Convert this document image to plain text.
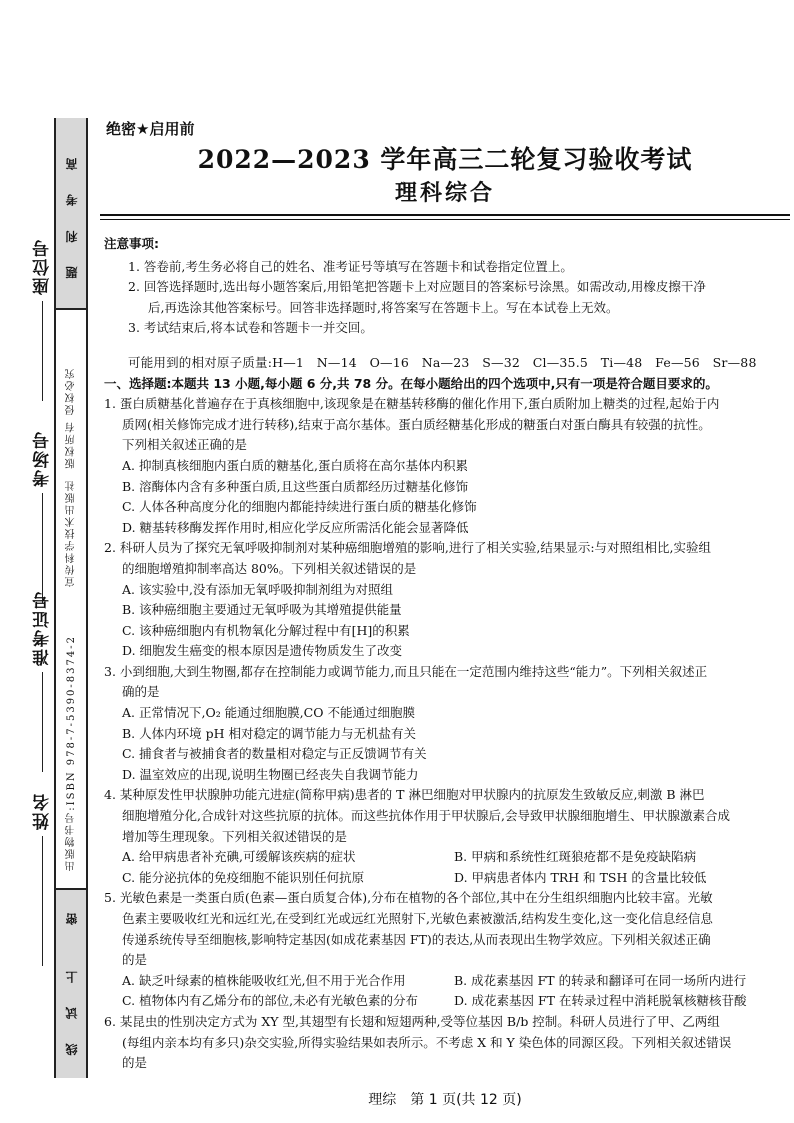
题 利 考 高
版权所有 侵权必究
宣传科学技术出版社
出版物书号:ISBN 978-7-5390-8374-2
密
线 试 上
座位号
考场号
准考证号
姓名
绝密★启用前
2022—2023 学年高三二轮复习验收考试
理科综合
注意事项:
1. 答卷前,考生务必将自己的姓名、准考证号等填写在答题卡和试卷指定位置上。
2. 回答选择题时,选出每小题答案后,用铅笔把答题卡上对应题目的答案标号涂黑。如需改动,用橡皮擦干净
后,再选涂其他答案标号。回答非选择题时,将答案写在答题卡上。写在本试卷上无效。
3. 考试结束后,将本试卷和答题卡一并交回。
可能用到的相对原子质量:H—1　N—14　O—16　Na—23　S—32　Cl—35.5　Ti—48　Fe—56　Sr—88
一、选择题:本题共 13 小题,每小题 6 分,共 78 分。在每小题给出的四个选项中,只有一项是符合题目要求的。
1. 蛋白质糖基化普遍存在于真核细胞中,该现象是在糖基转移酶的催化作用下,蛋白质附加上糖类的过程,起始于内
质网(相关修饰完成才进行转移),结束于高尔基体。蛋白质经糖基化形成的糖蛋白对蛋白酶具有较强的抗性。
下列相关叙述正确的是
A. 抑制真核细胞内蛋白质的糖基化,蛋白质将在高尔基体内积累
B. 溶酶体内含有多种蛋白质,且这些蛋白质都经历过糖基化修饰
C. 人体各种高度分化的细胞内都能持续进行蛋白质的糖基化修饰
D. 糖基转移酶发挥作用时,相应化学反应所需活化能会显著降低
2. 科研人员为了探究无氧呼吸抑制剂对某种癌细胞增殖的影响,进行了相关实验,结果显示:与对照组相比,实验组
的细胞增殖抑制率高达 80%。下列相关叙述错误的是
A. 该实验中,没有添加无氧呼吸抑制剂组为对照组
B. 该种癌细胞主要通过无氧呼吸为其增殖提供能量
C. 该种癌细胞内有机物氧化分解过程中有[H]的积累
D. 细胞发生癌变的根本原因是遗传物质发生了改变
3. 小到细胞,大到生物圈,都存在控制能力或调节能力,而且只能在一定范围内维持这些“能力”。下列相关叙述正
确的是
A. 正常情况下,O₂ 能通过细胞膜,CO 不能通过细胞膜
B. 人体内环境 pH 相对稳定的调节能力与无机盐有关
C. 捕食者与被捕食者的数量相对稳定与正反馈调节有关
D. 温室效应的出现,说明生物圈已经丧失自我调节能力
4. 某种原发性甲状腺肿功能亢进症(简称甲病)患者的 T 淋巴细胞对甲状腺内的抗原发生致敏反应,刺激 B 淋巴
细胞增殖分化,合成针对这些抗原的抗体。而这些抗体作用于甲状腺后,会导致甲状腺细胞增生、甲状腺激素合成
增加等生理现象。下列相关叙述错误的是
A. 给甲病患者补充碘,可缓解该疾病的症状	B. 甲病和系统性红斑狼疮都不是免疫缺陷病
C. 能分泌抗体的免疫细胞不能识别任何抗原	D. 甲病患者体内 TRH 和 TSH 的含量比较低
5. 光敏色素是一类蛋白质(色素—蛋白质复合体),分布在植物的各个部位,其中在分生组织细胞内比较丰富。光敏
色素主要吸收红光和远红光,在受到红光或远红光照射下,光敏色素被激活,结构发生变化,这一变化信息经信息
传递系统传导至细胞核,影响特定基因(如成花素基因 FT)的表达,从而表现出生物学效应。下列相关叙述正确
的是
A. 缺乏叶绿素的植株能吸收红光,但不用于光合作用	B. 成花素基因 FT 的转录和翻译可在同一场所内进行
C. 植物体内有乙烯分布的部位,未必有光敏色素的分布	D. 成花素基因 FT 在转录过程中消耗脱氧核糖核苷酸
6. 某昆虫的性别决定方式为 XY 型,其翅型有长翅和短翅两种,受等位基因 B/b 控制。科研人员进行了甲、乙两组
(每组内亲本均有多只)杂交实验,所得实验结果如表所示。不考虑 X 和 Y 染色体的同源区段。下列相关叙述错误
的是
理综　第 1 页(共 12 页)
